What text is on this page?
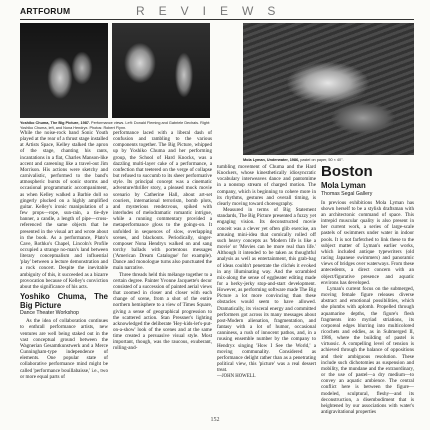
ARTFORUM	REVIEWS
Yoshiko Chuma, The Big Picture, 1987. Performance views. Left: Donald Fleming and Gabriele Dechais. Right: Yoshiko Chuma, left, and Nona Hendryx. Photos: Robert Flynn.
Mola Lyman, Underwater, 1986, pastel on paper, 50 × 40".

While the noise-rock band Sonic Youth played at the rear of a thrust stage installed at Artists Space, Kelley stalked the apron of the stage, chanting his rants, incantations in a flat, Charles Manson-like accent and careening like a travel-out Jim Morrison. His actions were sketchy and carnivalistic, performed to the band's atmospheric bursts of sonic storms and occasional programmatic accompaniment, as when Kelley walked a Barbie doll so gingerly plucked on a highly amplified guitar. Kelley's ironic manipulation of a few props—rope, sun-rain, a tie-dye banner, a candle, a length of pipe—cross-referenced the same objects that he presented in the visual art and wrote about in the book. As a performance, Plato's Cave, Rothko's Chapel, Lincoln's Profile occupied a strange no-man's land between literary conceptualism and influential 'play' between a lecture demonstration and a rock concert. Despite the inevitable ambiguity of this, it succeeded as a bizarre provocation because of Kelley's conviction about the significance of his acts.

Yoshiko Chuma, The Big Picture
Dance Theater Workshop

As the idea of collaboration continues to enthrall performance artists, new ventures are well being staked out in the vast conceptual ground between the Wagnerian Gesamtkunstwerk and a Merce Cunningham-type independence of elements. One popular state of collaborative performance mind might be called 'performance bouillabaisse,' i.e., two or more equal parts of

performance laced with a liberal dash of confusion and rambling to the various components together. The Big Picture, whipped up by Yoshiko Chuma and her performing group, the School of Hard Knocks, was a dazzling multi-layer cake of a performance, a confection that teetered on the verge of collapse but refused to succumb to its sheer performative style. Its principal concept was a cinematic adventure/thriller story, a pleased mock movie scenario by Catherine Hall, about art-set couriers, international terrorism, bomb plots, and mysterious rendezvous, spiked with interludes of melodramatic romantic intrigue, while a running commentary provided a metaperformance gloss to the goings-on. It unfolded in sequences of slow, overlapping scenes, and blackouts. Periodically, singer-composer Nona Hendryx walked on and sang torchy ballads with portentous messages ('American Dream Catalogue' for example). Dance and monologue turns also punctuated the main narrative.

Three threads held this mélange together to a certain degree. Painter Yvonne Jacquette's decor consisted of a succession of painted aerial views that zoomed in closer and closer with each change of scene, from a shot of the entire northern hemisphere to a view of Times Square, giving a sense of geographical progression to the scattered action. Stan Pressner's lighting acknowledged the deliberate 'Hey-kids-let's-put-on-a-show' look of the scenes and at the same time created a persuasive visual style. Most important, though, was the raucous, exuberant, rolling-and-

tumbling movement of Chuma and the Hard Knockers, whose kinesthetically idiosyncratic vocabulary interweaves dance and pantomime in a nonstop stream of charged motion. The company, which is beginning to cohere more in its rhythms, gestures and overall timing, is clearly moving toward choreography.

Measured in terms of Big Statement standards, The Big Picture presented a fuzzy yet engaging vision. Its deconstructed movie conceit was a clever yet often glib exercise, an amusing mini-idea that comically rolled off such heavy concepts as 'Modern life is like a movie' or 'Movies can be more real than life.' Although it intended to be taken as thoughtful analysis as well as entertainment, this grab-bag of ideas couldn't penetrate the clichés it evoked in any illuminating way. And the scrambled mix-along the sense of eggbeater editing made for a herky-jerky stop-and-start development. However, as performing software made The Big Picture a lot more convincing than these obstacles would seem to have allowed. Dramatically, its visceral energy and committed performers got across its many messages about post-Modern alienation, fragmentation, and fantasy with a lot of humor, occasional canniness, a rush of innocent pathos, and, in a rousing ensemble number by the company to Hendryx singing 'How I See the World,' a moving communality. Considered as performance delight rather than as a penetrating political view, this 'picture' was a real dessert treat.

—JOHN HOWELL
Boston
Mola Lyman
Thomas Segal Gallery

In previous exhibitions Mola Lyman has shown herself to be a stylish draftsman with an architectonic command of space. This intrepid muscular quality is also present in her current work, a series of large-scale pastels of swimmers under water in indoor pools. It is not farfetched to link these to the subject matter of Lyman's earlier works, which included antique typewriters (old racing Japanese swimmers) and panoramic views of bridges over waterways. From these antecedents, a direct concern with an object/figurative presence and aquatic environs has developed.

Lyman's current focus on the submerged, moving female figure releases diverse abstract and emotional possibilities, which she plumbs with aplomb. Propelled through aquamarine depths, the figure's flesh fragments into myriad striations, its corporeal edges blurring into multicolored ricochets and eddies, as in Submerged II, 1986, where the building of pastel is virtuosic. A compelling level of tension is achieved through the balance of oppositions and their ambiguous resolution. These include such dichotomies as suspension and mobility, the mundane and the extraordinary, or the use of pastel—a dry medium—to convey an aquatic ambience. The central conflict here is between the figure—modeled, sculptural, fleshy—and its deconstruction, a disembodiment that is heightened by our associations with water's antigravitational properties

152
